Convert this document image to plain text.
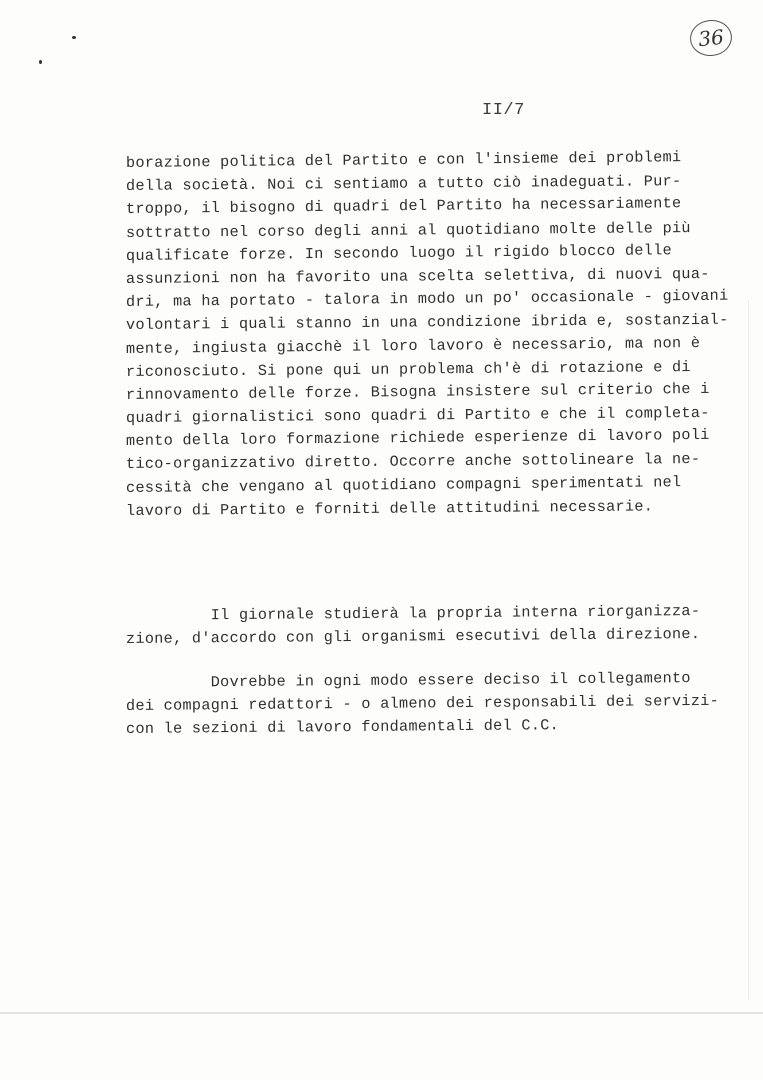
36
II/7
borazione politica del Partito e con l'insieme dei problemi
della società. Noi ci sentiamo a tutto ciò inadeguati. Pur-
troppo, il bisogno di quadri del Partito ha necessariamente
sottratto nel corso degli anni al quotidiano molte delle più
qualificate forze. In secondo luogo il rigido blocco delle
assunzioni non ha favorito una scelta selettiva, di nuovi qua-
dri, ma ha portato - talora in modo un po' occasionale - giovani
volontari i quali stanno in una condizione ibrida e, sostanzial-
mente, ingiusta giacchè il loro lavoro è necessario, ma non è
riconosciuto. Si pone qui un problema ch'è di rotazione e di
rinnovamento delle forze. Bisogna insistere sul criterio che i
quadri giornalistici sono quadri di Partito e che il completa-
mento della loro formazione richiede esperienze di lavoro poli
tico-organizzativo diretto. Occorre anche sottolineare la ne-
cessità che vengano al quotidiano compagni sperimentati nel
lavoro di Partito e forniti delle attitudini necessarie.
Il giornale studierà la propria interna riorganizza-
zione, d'accordo con gli organismi esecutivi della direzione.
Dovrebbe in ogni modo essere deciso il collegamento
dei compagni redattori - o almeno dei responsabili dei servizi-
con le sezioni di lavoro fondamentali del C.C.
